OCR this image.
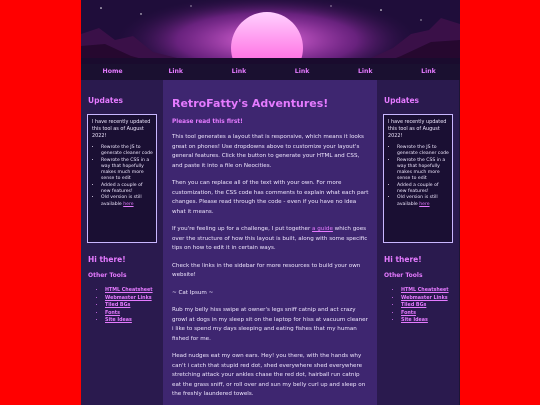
Home	Link	Link	Link	Link	Link
Updates

I have recently updated this tool as of August 2022!

• Rewrote the JS to generate cleaner code
• Rewrote the CSS in a way that hopefully makes much more sense to edit
• Added a couple of new features!
• Old version is still available here
Hi there!
Other Tools
• HTML Cheatsheet
• Webmaster Links
• Tiled BGs
• Fonts
• Site Ideas
RetroFatty's Adventures!
Please read this first!

This tool generates a layout that is responsive, which means it looks great on phones! Use dropdowns above to customize your layout's general features. Click the button to generate your HTML and CSS, and paste it into a file on Neocities.

Then you can replace all of the text with your own. For more customization, the CSS code has comments to explain what each part changes. Please read through the code - even if you have no idea what it means.

If you're feeling up for a challenge, I put together a guide which goes over the structure of how this layout is built, along with some specific tips on how to edit it in certain ways.

Check the links in the sidebar for more resources to build your own website!

~ Cat Ipsum ~

Rub my belly hiss swipe at owner's legs sniff catnip and act crazy growl at dogs in my sleep sit on the laptop for hiss at vacuum cleaner i like to spend my days sleeping and eating fishes that my human fished for me.

Head nudges eat my own ears. Hey! you there, with the hands why can't i catch that stupid red dot, shed everywhere shed everywhere stretching attack your ankles chase the red dot, hairball run catnip eat the grass sniff, or roll over and sun my belly curl up and sleep on the freshly laundered towels.

Updates

I have recently updated this tool as of August 2022!

• Rewrote the JS to generate cleaner code
• Rewrote the CSS in a way that hopefully makes much more sense to edit
• Added a couple of new features!
• Old version is still available here
Hi there!
Other Tools
• HTML Cheatsheet
• Webmaster Links
• Tiled BGs
• Fonts
• Site Ideas
